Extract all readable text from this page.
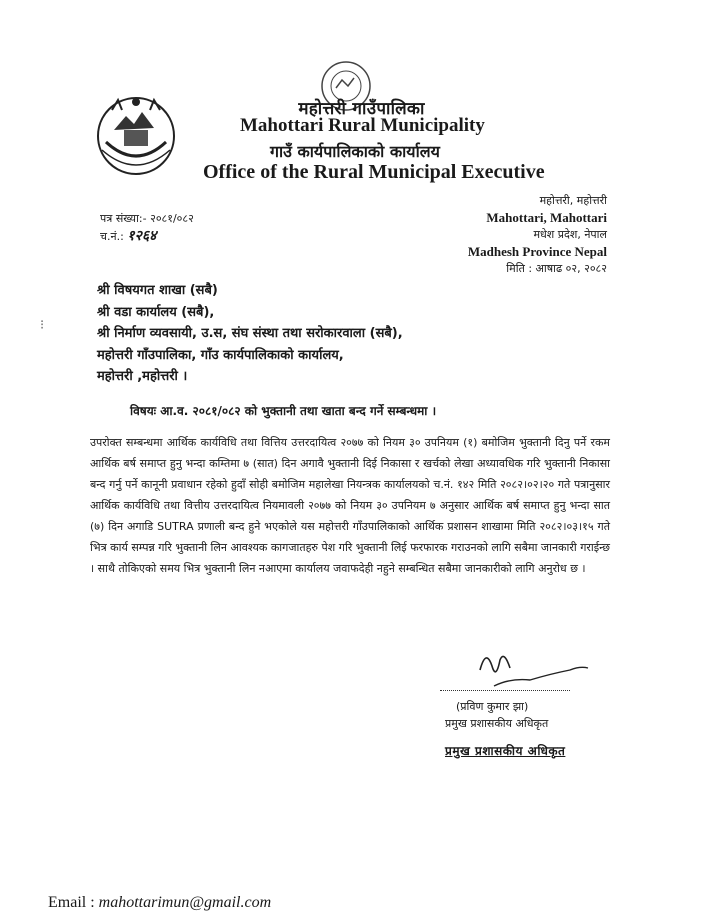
महोत्तरी गाउँपालिका
Mahottari Rural Municipality
गाउँ कार्यपालिकाको कार्यालय
Office of the Rural Municipal Executive
महोत्तरी, महोत्तरी
Mahottari, Mahottari
मधेश प्रदेश, नेपाल
Madhesh Province Nepal
मिति : आषाढ ०२, २०८२
पत्र संख्या:- २०८१/०८२
च.नं.: १२६४
⁝
श्री विषयगत शाखा (सबै)
श्री वडा कार्यालय (सबै),
श्री निर्माण व्यवसायी, उ.स, संघ संस्था तथा सरोकारवाला (सबै),
महोत्तरी गाँउपालिका, गाँउ कार्यपालिकाको कार्यालय,
महोत्तरी ,महोत्तरी ।
विषयः आ.व. २०८१/०८२ को भुक्तानी तथा खाता बन्द गर्ने सम्बन्धमा ।

उपरोक्त सम्बन्धमा आर्थिक कार्यविधि तथा वित्तिय उत्तरदायित्व २०७७ को नियम ३० उपनियम (१) बमोजिम भुक्तानी दिनु पर्ने रकम आर्थिक बर्ष समाप्त हुनु भन्दा कम्तिमा ७ (सात) दिन अगावै भुक्तानी दिई निकासा र खर्चको लेखा अध्यावधिक गरि भुक्तानी निकासा बन्द गर्नु पर्ने कानूनी प्रवाधान रहेको हुदाँ सोही बमोजिम महालेखा नियन्त्रक कार्यालयको च.नं. १४२ मिति २०८२।०२।२० गते पत्रानुसार आर्थिक कार्यविधि तथा वित्तीय उत्तरदायित्व नियमावली २०७७ को नियम ३० उपनियम ७ अनुसार आर्थिक बर्ष समाप्त हुनु भन्दा सात (७) दिन अगाडि SUTRA प्रणाली बन्द हुने भएकोले यस महोत्तरी गाँउपालिकाको आर्थिक प्रशासन शाखामा मिति २०८२।०३।१५ गते भित्र कार्य सम्पन्न गरि भुक्तानी लिन आवश्यक कागजातहरु पेश गरि भुक्तानी लिई फरफारक गराउनको लागि सबैमा जानकारी गराईन्छ । साथै तोकिएको समय भित्र भुक्तानी लिन नआएमा कार्यालय जवाफदेही नहुने सम्बन्धित सबैमा जानकारीको लागि अनुरोध छ ।

(प्रविण कुमार झा)
प्रमुख प्रशासकीय अधिकृत
प्रमुख प्रशासकीय अधिकृत
Email : mahottarimun@gmail.com
